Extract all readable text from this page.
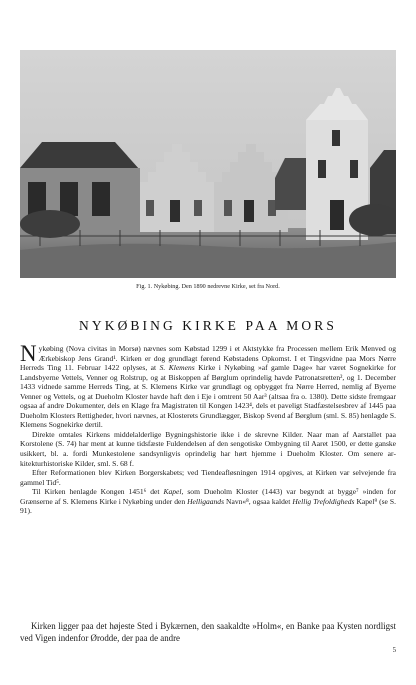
Fig. 1. Nykøbing. Den 1890 nedrevne Kirke, set fra Nord.
NYKØBING KIRKE PAA MORS

Nykøbing (Nova civitas in Morsø) nævnes som Købstad 1299 i et Aktstykke fra Processen mellem Erik Menved og Ærkebiskop Jens Grand¹. Kirken er dog grundlagt førend Købstadens Opkomst. I et Tingsvidne paa Mors Nørre Herreds Ting 11. Februar 1422 oplyses, at S. Klemens Kirke i Nykøbing »af gamle Dage« har været Sognekirke for Landsbyerne Vettels, Venner og Rolstrup, og at Biskoppen af Børglum oprindelig havde Patronatsretten², og 1. December 1433 vidnede samme Herreds Ting, at S. Klemens Kirke var grundlagt og opbygget fra Nørre Herred, nemlig af Byerne Venner og Vettels, og at Dueholm Kloster havde haft den i Eje i omtrent 50 Aar³ (altsaa fra o. 1380). Dette sidste fremgaar ogsaa af andre Dokumenter, dels en Klage fra Magistraten til Kongen 1423⁴, dels et paveligt Stadfæstelsesbrev af 1445 paa Dueholm Klosters Rettigheder, hvori nævnes, at Klosterets Grundlægger, Biskop Svend af Børglum (sml. S. 85) henlagde S. Klemens Sognekirke dertil.

Direkte omtales Kirkens middelalderlige Bygningshistorie ikke i de skrevne Kilder. Naar man af Aarstallet paa Korstolene (S. 74) har ment at kunne tidsfæste Fuldendelsen af den sengotiske Ombygning til Aaret 1500, er dette ganske usikkert, bl. a. fordi Munkestolene sandsynligvis oprindelig har hørt hjemme i Dueholm Kloster. Om senere arkitekturhistoriske Kilder, sml. S. 68 f.

Efter Reformationen blev Kirken Borgerskabets; ved Tiendeafløsningen 1914 opgives, at Kirken var selvejende fra gammel Tid⁵.

Til Kirken henlagde Kongen 1451⁶ det Kapel, som Dueholm Kloster (1443) var begyndt at bygge⁷ »inden for Grænserne af S. Klemens Kirke i Nykøbing under den Helligaands Navn«⁸, ogsaa kaldet Hellig Trefoldigheds Kapel⁹ (se S. 91).

Kirken ligger paa det højeste Sted i Bykærnen, den saakaldte »Holm«, en Banke paa Kysten nordligst ved Vigen indenfor Ørodde, der paa de andre

5
